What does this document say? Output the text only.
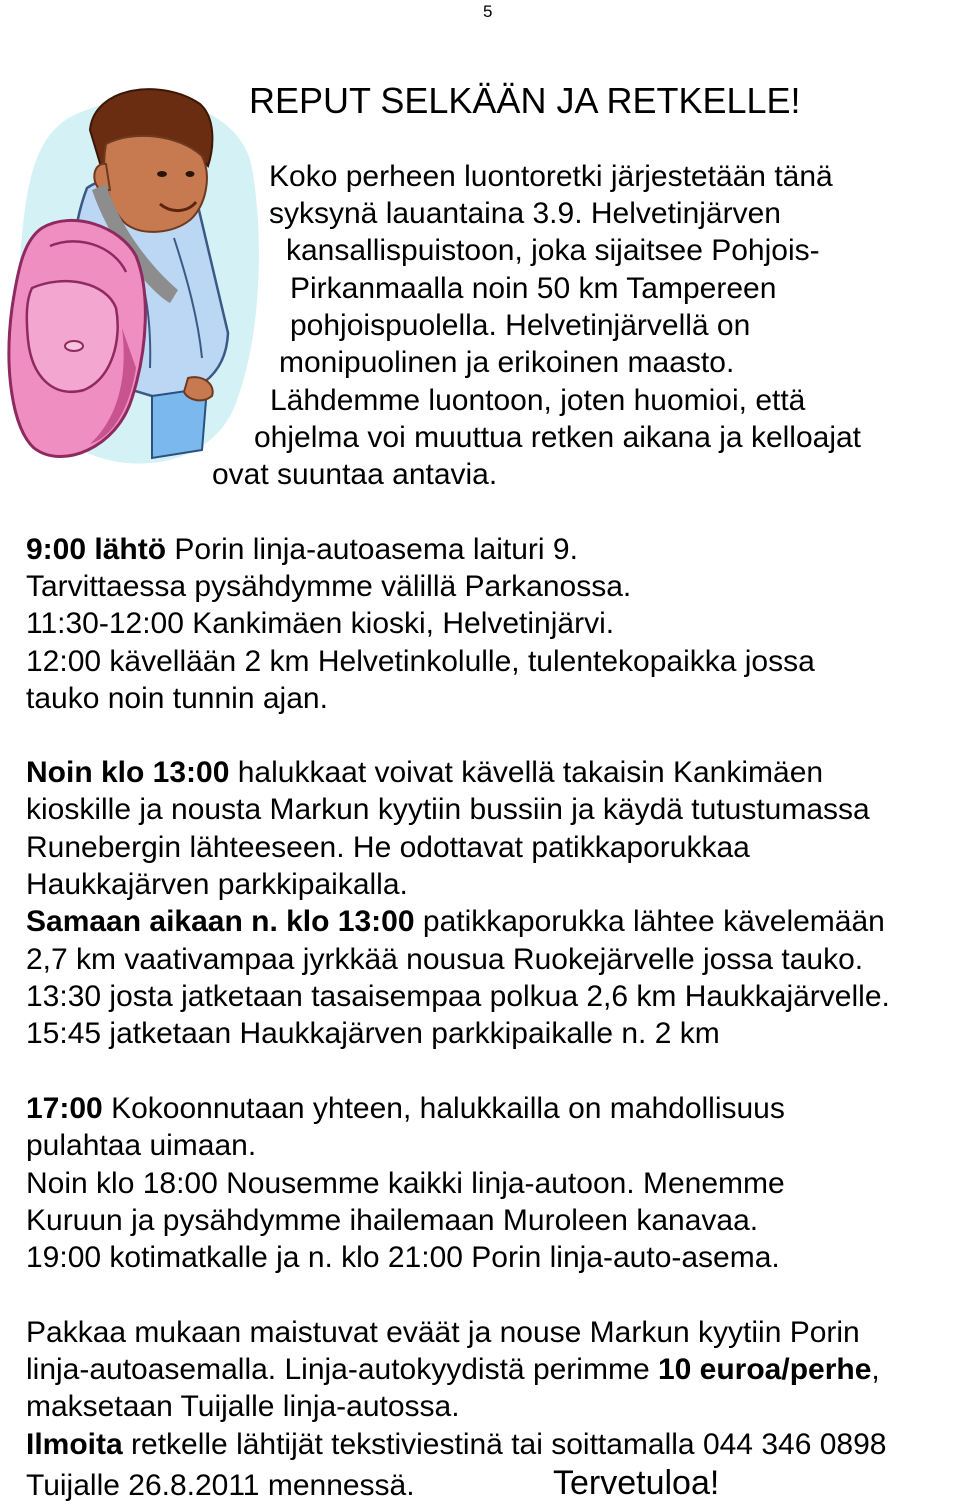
5
REPUT SELKÄÄN JA RETKELLE!
Koko perheen luontoretki järjestetään tänä
syksynä lauantaina 3.9. Helvetinjärven
kansallispuistoon, joka sijaitsee Pohjois-
Pirkanmaalla noin 50 km Tampereen
pohjoispuolella. Helvetinjärvellä on
monipuolinen ja erikoinen maasto.
Lähdemme luontoon, joten huomioi, että
ohjelma voi muuttua retken aikana ja kelloajat
ovat suuntaa antavia.
9:00 lähtö Porin linja-autoasema laituri 9.
Tarvittaessa pysähdymme välillä Parkanossa.
11:30-12:00 Kankimäen kioski, Helvetinjärvi.
12:00 kävellään 2 km Helvetinkolulle, tulentekopaikka jossa
tauko noin tunnin ajan.
Noin klo 13:00 halukkaat voivat kävellä takaisin Kankimäen
kioskille ja nousta Markun kyytiin bussiin ja käydä tutustumassa
Runebergin lähteeseen. He odottavat patikkaporukkaa
Haukkajärven parkkipaikalla.
Samaan aikaan n. klo 13:00 patikkaporukka lähtee kävelemään
2,7 km vaativampaa jyrkkää nousua Ruokejärvelle jossa tauko.
13:30 josta jatketaan tasaisempaa polkua 2,6 km Haukkajärvelle.
15:45 jatketaan Haukkajärven parkkipaikalle n. 2 km
17:00 Kokoonnutaan yhteen, halukkailla on mahdollisuus
pulahtaa uimaan.
Noin klo 18:00 Nousemme kaikki linja-autoon. Menemme
Kuruun ja pysähdymme ihailemaan Muroleen kanavaa.
19:00 kotimatkalle ja n. klo 21:00 Porin linja-auto-asema.
Pakkaa mukaan maistuvat eväät ja nouse Markun kyytiin Porin
linja-autoasemalla. Linja-autokyydistä perimme 10 euroa/perhe,
maksetaan Tuijalle linja-autossa.
Ilmoita retkelle lähtijät tekstiviestinä tai soittamalla 044 346 0898
Tuijalle 26.8.2011 mennessä.	Tervetuloa!
